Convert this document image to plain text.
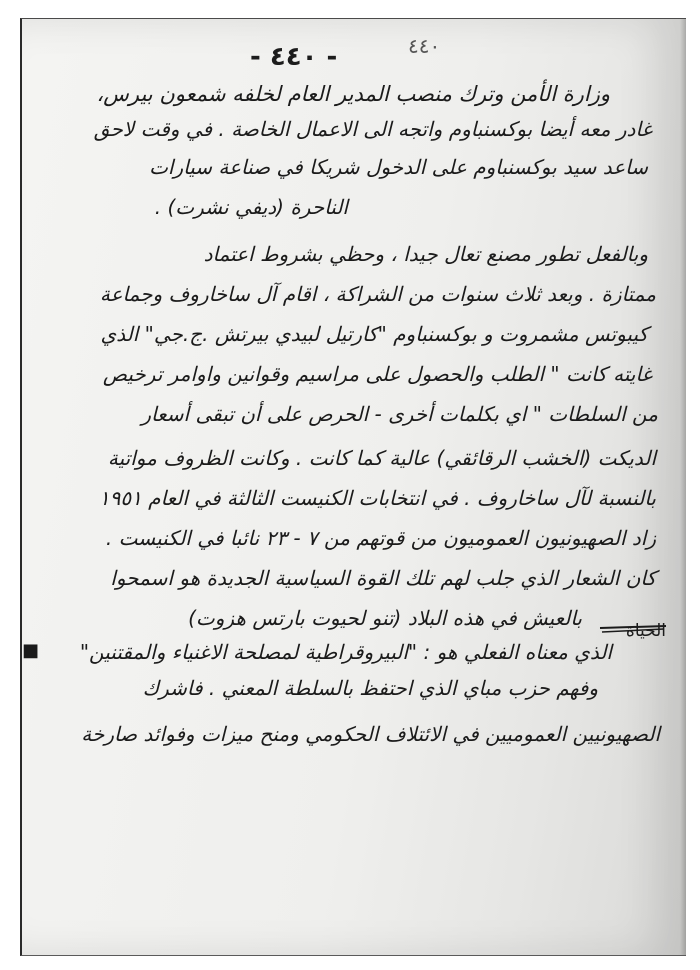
- ٤٤٠ -	٤٤٠
وزارة الأمن وترك منصب المدير العام لخلفه شمعون بيرس،
غادر معه أيضا بوكسنباوم واتجه الى الاعمال الخاصة . في وقت لاحق
ساعد سيد بوكسنباوم على الدخول شريكا في صناعة سيارات
الناحرة (ديفي نشرت) .
وبالفعل تطور مصنع تعال جيدا ، وحظي بشروط اعتماد
ممتازة . وبعد ثلاث سنوات من الشراكة ، اقام آل ساخاروف وجماعة
كيبوتس مشمروت و بوكسنباوم "كارتيل لبيدي بيرتش .ج.جي" الذي
غايته كانت " الطلب والحصول على مراسيم وقوانين واوامر ترخيص
من السلطات " اي بكلمات أخرى - الحرص على أن تبقى أسعار
الديكت (الخشب الرقائقي) عالية كما كانت . وكانت الظروف مواتية
بالنسبة لآل ساخاروف . في انتخابات الكنيست الثالثة في العام ١٩٥١
زاد الصهيونيون العموميون من قوتهم من ٧ - ٢٣ نائبا في الكنيست .
كان الشعار الذي جلب لهم تلك القوة السياسية الجديدة هو اسمحوا
بالعيش في هذه البلاد (تنو لحيوت بارتس هزوت)
الذي معناه الفعلي هو : "البيروقراطية لمصلحة الاغنياء والمقتنين"
وفهم حزب مباي الذي احتفظ بالسلطة المعني . فاشرك
الصهيونيين العموميين في الائتلاف الحكومي ومنح ميزات وفوائد صارخة
الحياة
■
